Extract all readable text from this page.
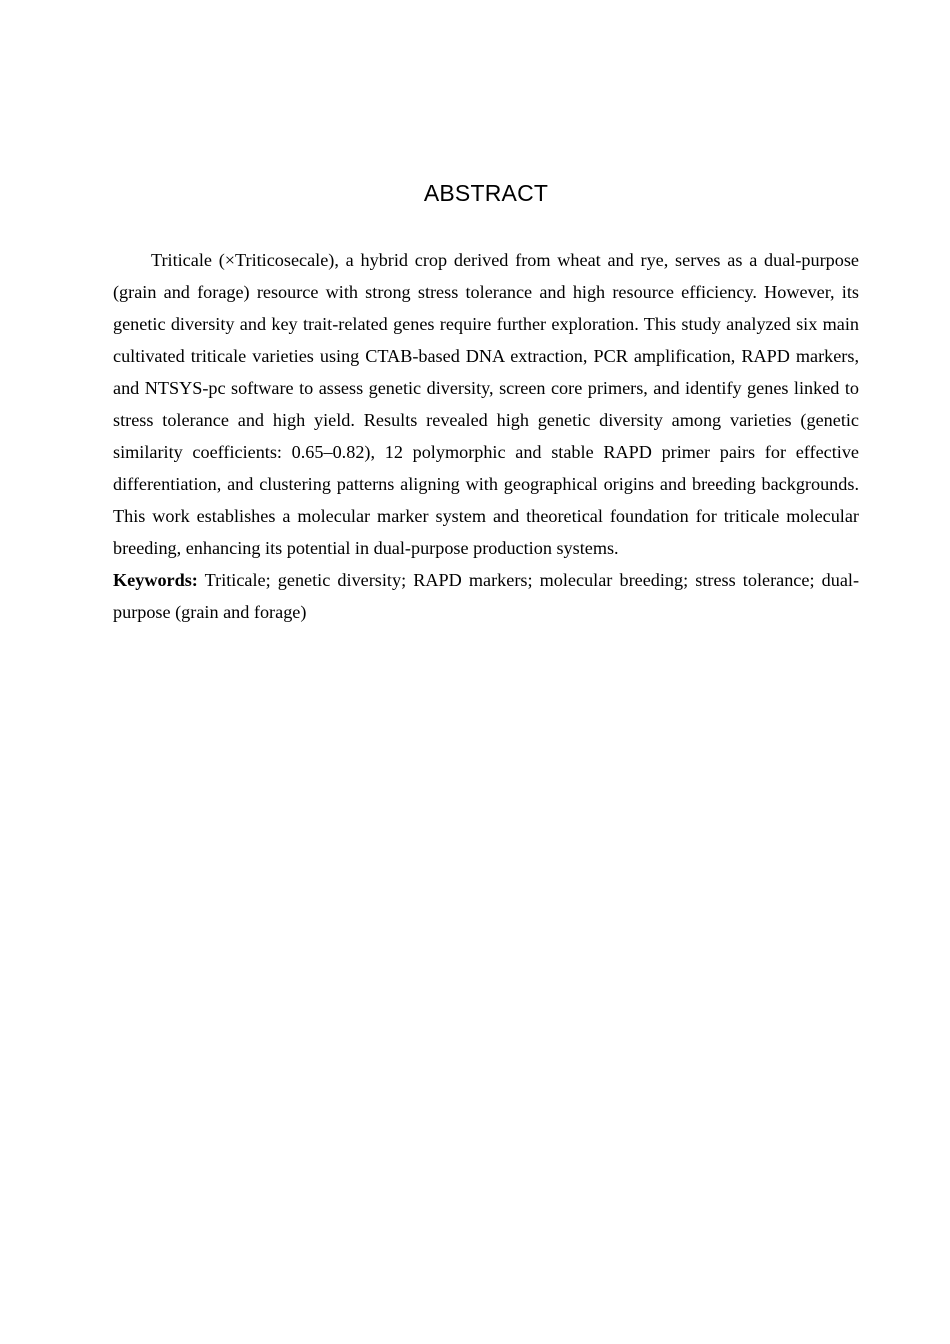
ABSTRACT

Triticale (×Triticosecale), a hybrid crop derived from wheat and rye, serves as a dual-purpose (grain and forage) resource with strong stress tolerance and high resource efficiency. However, its genetic diversity and key trait-related genes require further exploration. This study analyzed six main cultivated triticale varieties using CTAB-based DNA extraction, PCR amplification, RAPD markers, and NTSYS-pc software to assess genetic diversity, screen core primers, and identify genes linked to stress tolerance and high yield. Results revealed high genetic diversity among varieties (genetic similarity coefficients: 0.65–0.82), 12 polymorphic and stable RAPD primer pairs for effective differentiation, and clustering patterns aligning with geographical origins and breeding backgrounds. This work establishes a molecular marker system and theoretical foundation for triticale molecular breeding, enhancing its potential in dual-purpose production systems.

Keywords: Triticale; genetic diversity; RAPD markers; molecular breeding; stress tolerance; dual-purpose (grain and forage)
